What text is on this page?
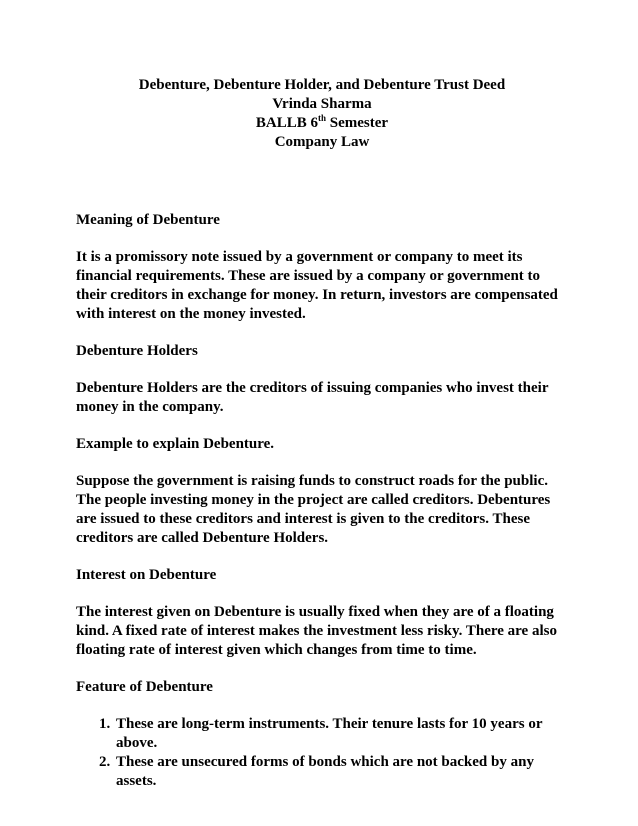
Debenture, Debenture Holder, and Debenture Trust Deed
Vrinda Sharma
BALLB 6th Semester
Company Law
Meaning of Debenture
It is a promissory note issued by a government or company to meet its financial requirements. These are issued by a company or government to their creditors in exchange for money. In return, investors are compensated with interest on the money invested.
Debenture Holders
Debenture Holders are the creditors of issuing companies who invest their money in the company.
Example to explain Debenture.
Suppose the government is raising funds to construct roads for the public. The people investing money in the project are called creditors. Debentures are issued to these creditors and interest is given to the creditors. These creditors are called Debenture Holders.
Interest on Debenture
The interest given on Debenture is usually fixed when they are of a floating kind. A fixed rate of interest makes the investment less risky. There are also floating rate of interest given which changes from time to time.
Feature of Debenture
1. These are long-term instruments. Their tenure lasts for 10 years or above.
2. These are unsecured forms of bonds which are not backed by any assets.
